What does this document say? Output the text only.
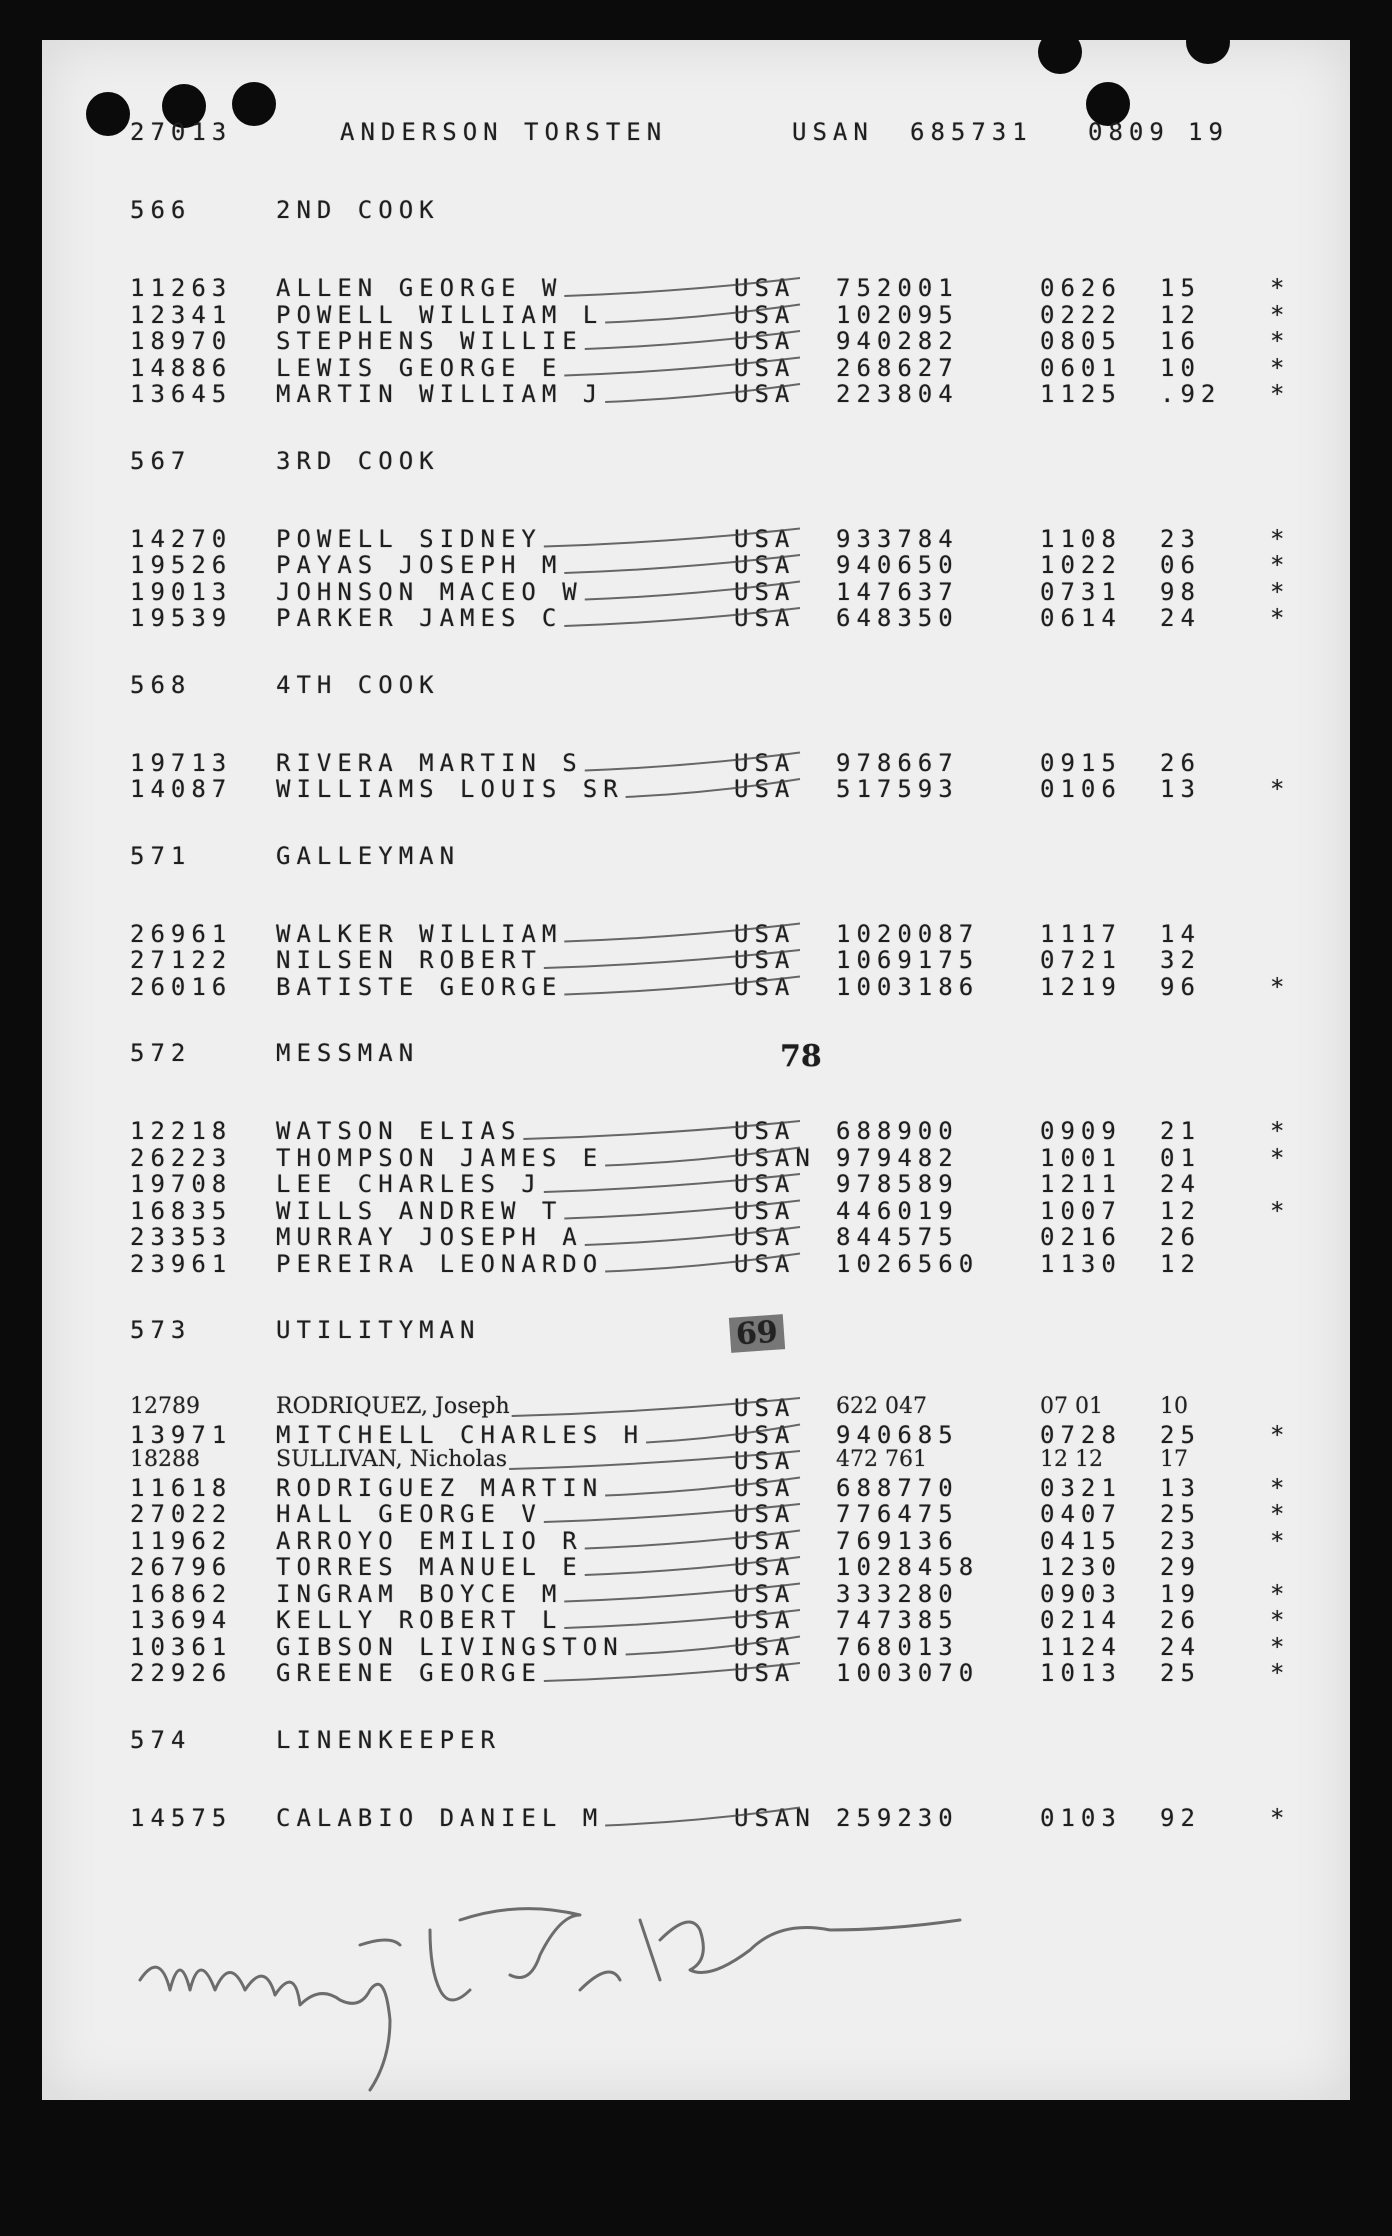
27013	ANDERSON TORSTEN	USAN 685731 0809 19
566	2ND COOK
11263 ALLEN GEORGE W	USA 752001	0626 15	*
12341 POWELL WILLIAM L	USA 102095	0222 12	*
18970 STEPHENS WILLIE	USA 940282	0805 16	*
14886 LEWIS GEORGE E	USA 268627	0601 10	*
13645 MARTIN WILLIAM J	USA 223804	1125 .92 *
567	3RD COOK
14270 POWELL SIDNEY	USA 933784	1108 23	*
19526 PAYAS JOSEPH M	USA 940650	1022 06	*
19013 JOHNSON MACEO W	USA 147637	0731 98	*
19539 PARKER JAMES C	USA 648350	0614 24	*
568	4TH COOK
19713 RIVERA MARTIN S	USA 978667	0915 26
14087 WILLIAMS LOUIS SR	USA 517593	0106 13	*
571	GALLEYMAN
26961 WALKER WILLIAM	USA 1020087	1117 14
27122 NILSEN ROBERT	USA 1069175	0721 32
26016 BATISTE GEORGE	USA 1003186	1219 96	*
572	MESSMAN	78
12218 WATSON ELIAS	USA 688900	0909 21	*
26223 THOMPSON JAMES E	USAN 979482	1001 01	*
19708 LEE CHARLES J	USA 978589	1211 24
16835 WILLS ANDREW T	USA 446019	1007 12	*
23353 MURRAY JOSEPH A	USA 844575	0216 26
23961 PEREIRA LEONARDO	USA 1026560	1130 12
573	UTILITYMAN	69
12789	RODRIQUEZ, Joseph	USA 622 047	07 01	10
13971 MITCHELL CHARLES H	USA 940685	0728 25	*
18288	SULLIVAN, Nicholas	USA 472 761	12 12	17
11618 RODRIGUEZ MARTIN	USA 688770	0321 13	*
27022 HALL GEORGE V	USA 776475	0407 25	*
11962 ARROYO EMILIO R	USA 769136	0415 23	*
26796 TORRES MANUEL E	USA 1028458	1230 29
16862 INGRAM BOYCE M	USA 333280	0903 19	*
13694 KELLY ROBERT L	USA 747385	0214 26	*
10361 GIBSON LIVINGSTON	USA 768013	1124 24	*
22926 GREENE GEORGE	USA 1003070	1013 25	*
574	LINENKEEPER
14575 CALABIO DANIEL M	USAN 259230	0103 92	*
